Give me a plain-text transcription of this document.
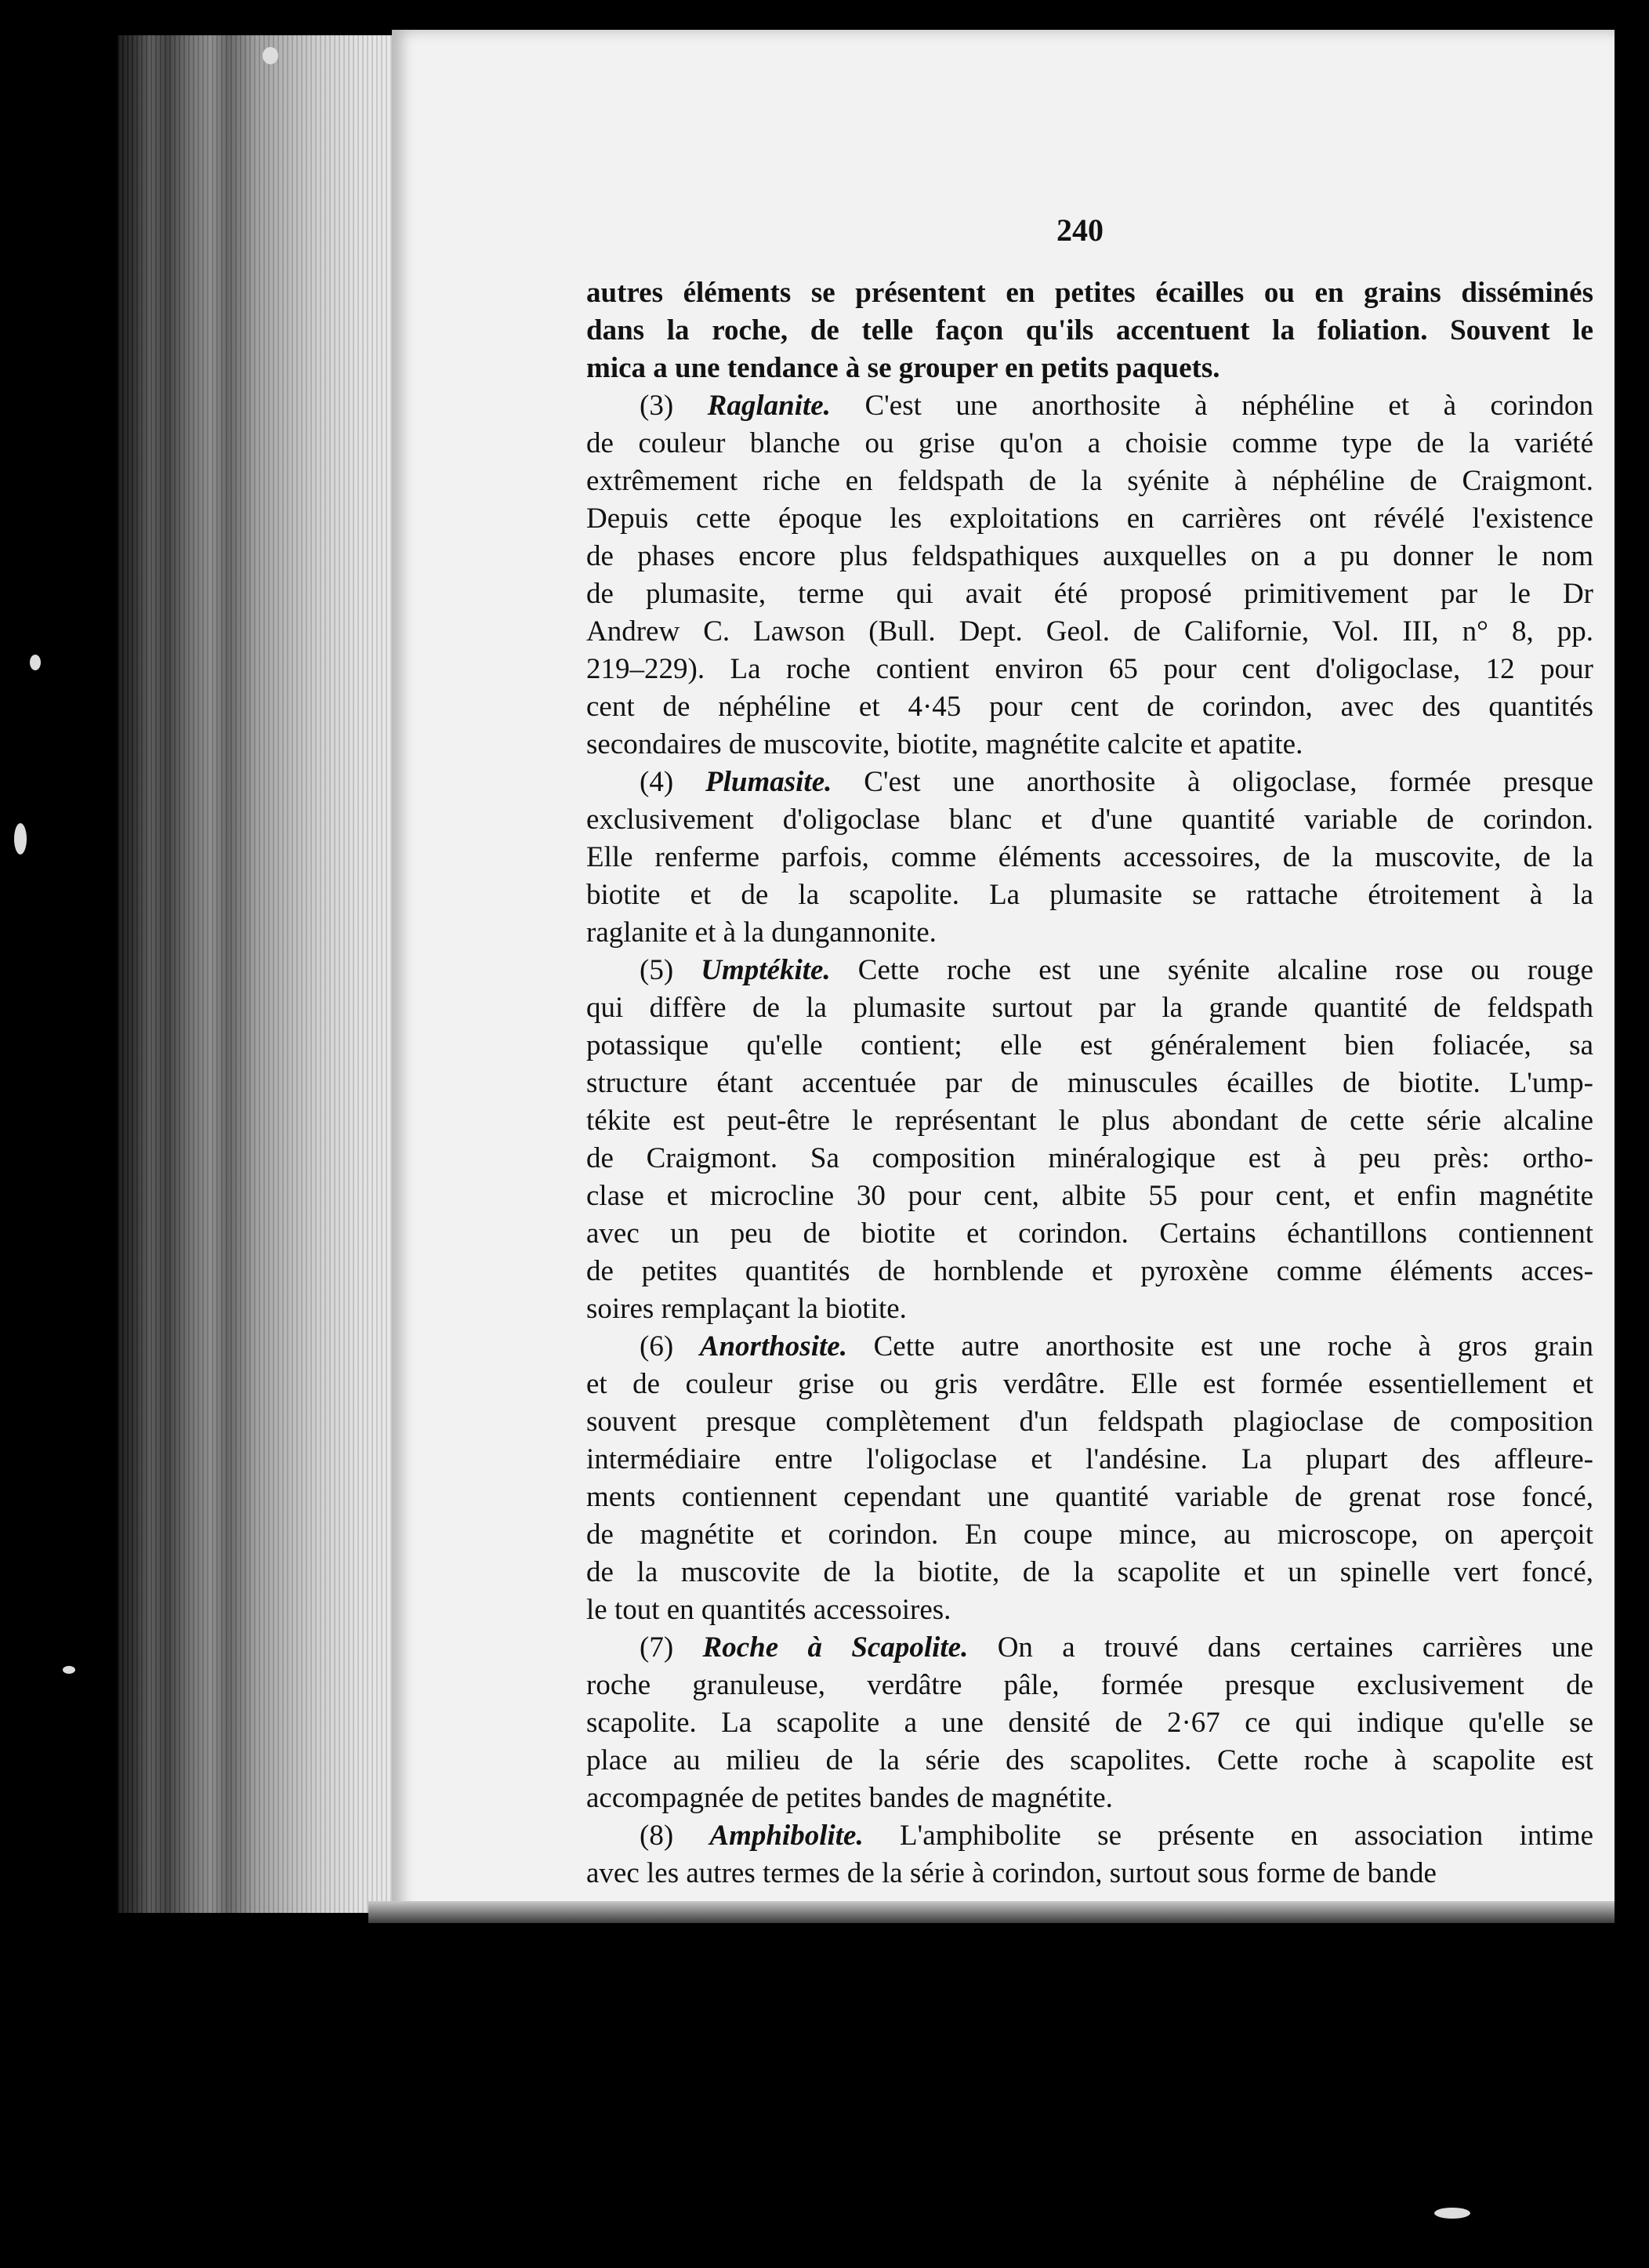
240
autres éléments se présentent en petites écailles ou en grains disséminés
dans la roche, de telle façon qu'ils accentuent la foliation. Souvent le
mica a une tendance à se grouper en petits paquets.
(3) Raglanite. C'est une anorthosite à néphéline et à corindon
de couleur blanche ou grise qu'on a choisie comme type de la variété
extrêmement riche en feldspath de la syénite à néphéline de Craigmont.
Depuis cette époque les exploitations en carrières ont révélé l'existence
de phases encore plus feldspathiques auxquelles on a pu donner le nom
de plumasite, terme qui avait été proposé primitivement par le Dr
Andrew C. Lawson (Bull. Dept. Geol. de Californie, Vol. III, n° 8, pp.
219–229). La roche contient environ 65 pour cent d'oligoclase, 12 pour
cent de néphéline et 4·45 pour cent de corindon, avec des quantités
secondaires de muscovite, biotite, magnétite calcite et apatite.
(4) Plumasite. C'est une anorthosite à oligoclase, formée presque
exclusivement d'oligoclase blanc et d'une quantité variable de corindon.
Elle renferme parfois, comme éléments accessoires, de la muscovite, de la
biotite et de la scapolite. La plumasite se rattache étroitement à la
raglanite et à la dungannonite.
(5) Umptékite. Cette roche est une syénite alcaline rose ou rouge
qui diffère de la plumasite surtout par la grande quantité de feldspath
potassique qu'elle contient; elle est généralement bien foliacée, sa
structure étant accentuée par de minuscules écailles de biotite. L'ump-
tékite est peut-être le représentant le plus abondant de cette série alcaline
de Craigmont. Sa composition minéralogique est à peu près: ortho-
clase et microcline 30 pour cent, albite 55 pour cent, et enfin magnétite
avec un peu de biotite et corindon. Certains échantillons contiennent
de petites quantités de hornblende et pyroxène comme éléments acces-
soires remplaçant la biotite.
(6) Anorthosite. Cette autre anorthosite est une roche à gros grain
et de couleur grise ou gris verdâtre. Elle est formée essentiellement et
souvent presque complètement d'un feldspath plagioclase de composition
intermédiaire entre l'oligoclase et l'andésine. La plupart des affleure-
ments contiennent cependant une quantité variable de grenat rose foncé,
de magnétite et corindon. En coupe mince, au microscope, on aperçoit
de la muscovite de la biotite, de la scapolite et un spinelle vert foncé,
le tout en quantités accessoires.
(7) Roche à Scapolite. On a trouvé dans certaines carrières une
roche granuleuse, verdâtre pâle, formée presque exclusivement de
scapolite. La scapolite a une densité de 2·67 ce qui indique qu'elle se
place au milieu de la série des scapolites. Cette roche à scapolite est
accompagnée de petites bandes de magnétite.
(8) Amphibolite. L'amphibolite se présente en association intime
avec les autres termes de la série à corindon, surtout sous forme de bande
